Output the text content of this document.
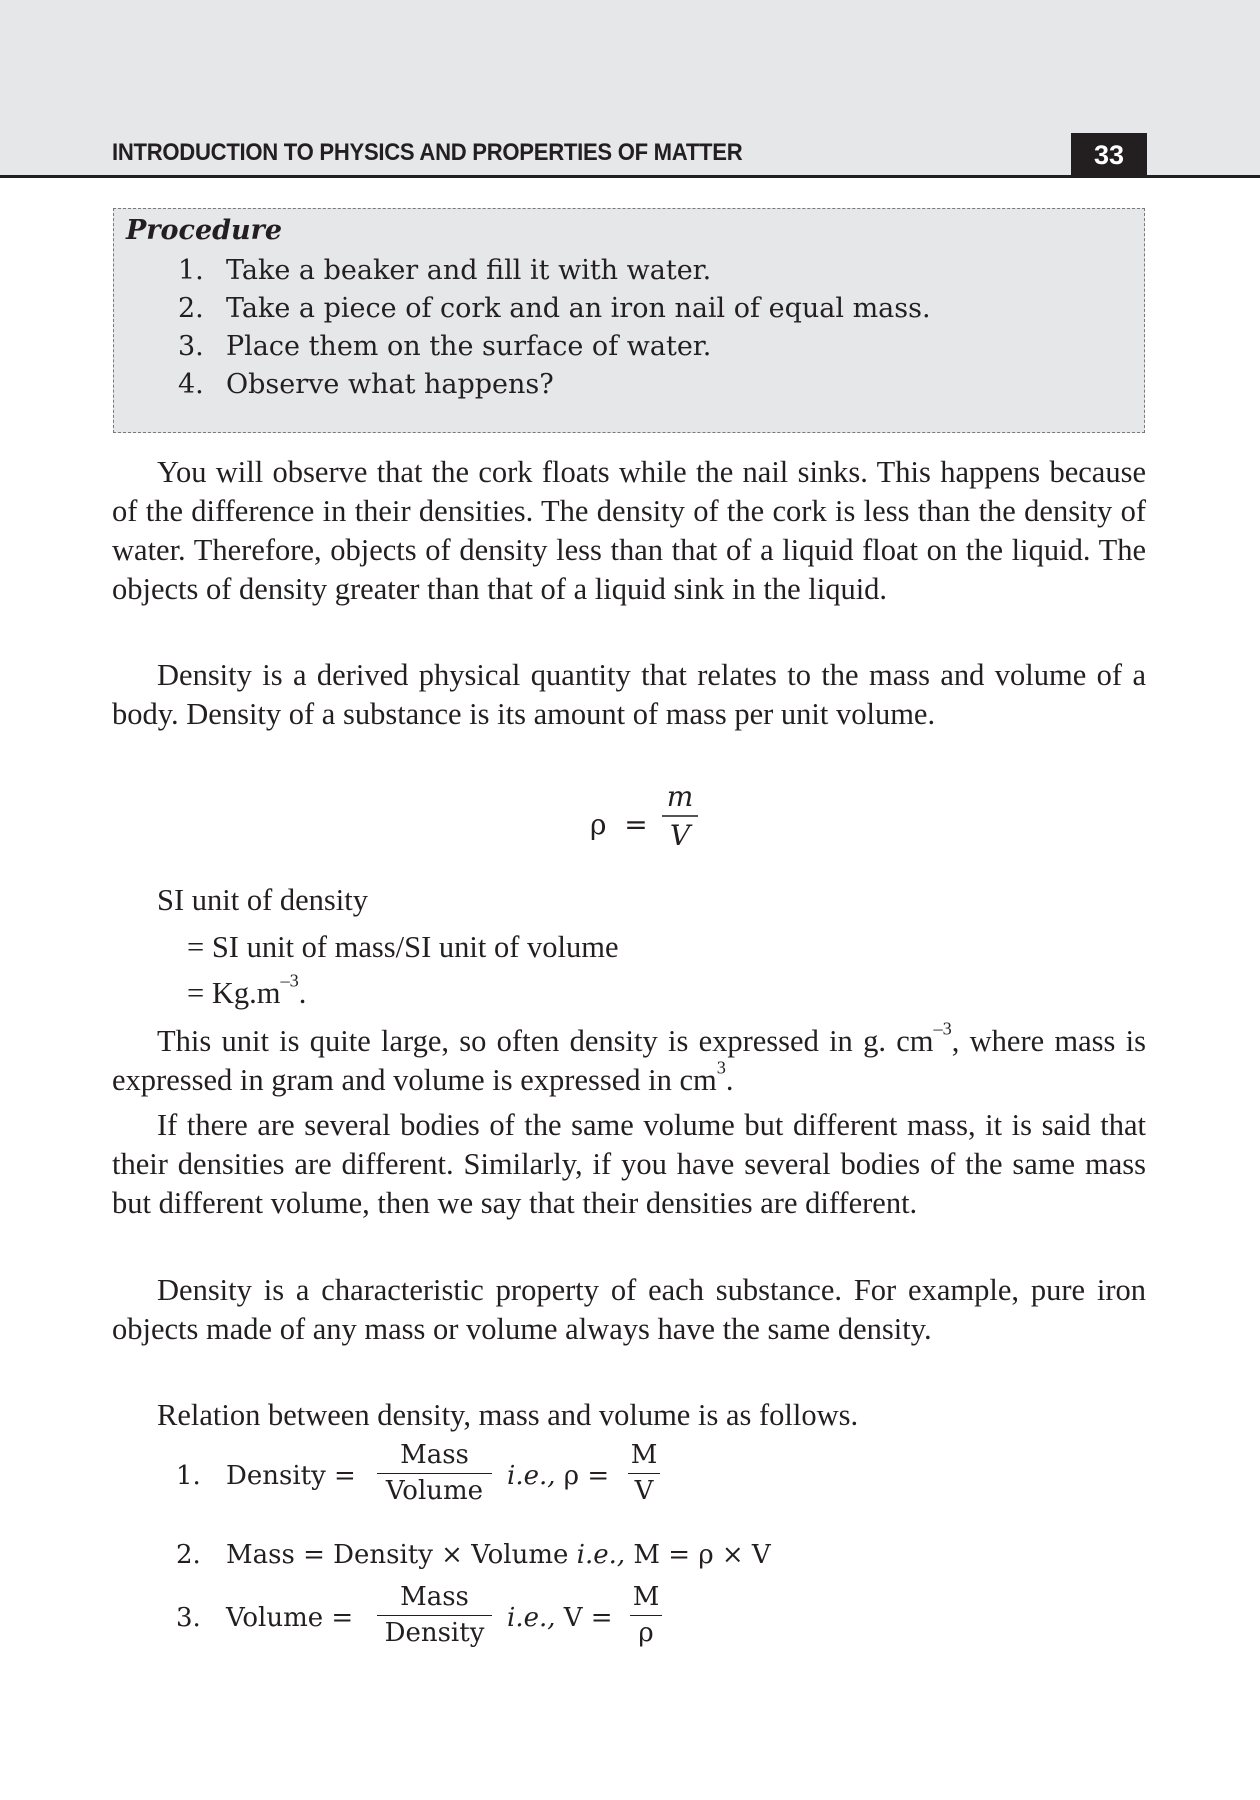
INTRODUCTION TO PHYSICS AND PROPERTIES OF MATTER	33
Procedure
1. Take a beaker and fill it with water.
2. Take a piece of cork and an iron nail of equal mass.
3. Place them on the surface of water.
4. Observe what happens?
You will observe that the cork floats while the nail sinks. This happens because of the difference in their densities. The density of the cork is less than the density of water. Therefore, objects of density less than that of a liquid float on the liquid. The objects of density greater than that of a liquid sink in the liquid.
Density is a derived physical quantity that relates to the mass and volume of a body. Density of a substance is its amount of mass per unit volume.
$\rho = \frac{m}{V}$
SI unit of density
= SI unit of mass/SI unit of volume
= $Kg.m^{-3}$.
This unit is quite large, so often density is expressed in g. $cm^{-3}$, where mass is expressed in gram and volume is expressed in $cm^3$.
If there are several bodies of the same volume but different mass, it is said that their densities are different. Similarly, if you have several bodies of the same mass but different volume, then we say that their densities are different.
Density is a characteristic property of each substance. For example, pure iron objects made of any mass or volume always have the same density.
Relation between density, mass and volume is as follows.
1. Density =
Mass
Volume i.e., $\rho = \frac{M}{V}$
2. Mass = Density × Volume i.e., M = ρ × V
3. Volume =
Mass
Density i.e., $V = \frac{M}{\rho}$
